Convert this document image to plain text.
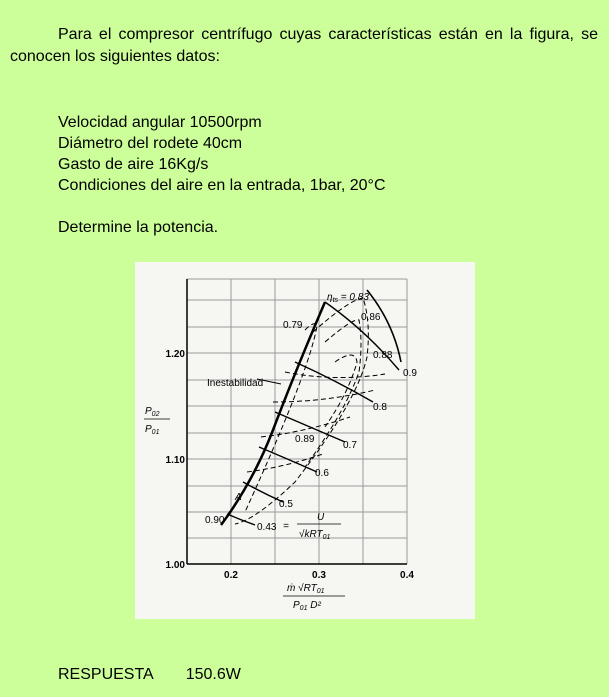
Para el compresor centrífugo cuyas características están en la figura, se conocen los siguientes datos:

Velocidad angular 10500rpm
Diámetro del rodete 40cm
Gasto de aire 16Kg/s
Condiciones del aire en la entrada, 1bar, 20°C

Determine la potencia.

1.00
1.10
1.20
0.2	0.3	0.4
$P_{02}$
$P_{01}$
ṁ $√RT_{01}$
$P_{01}$ D²
Inestabilidad
$\eta_{ts} = 0.83$
0.86
0.88
0.79
0.9
0.8
0.7
0.6
0.5
0.89
0.90
0.43
A
=
U
√kRT$_{01}$

RESPUESTA 150.6W
